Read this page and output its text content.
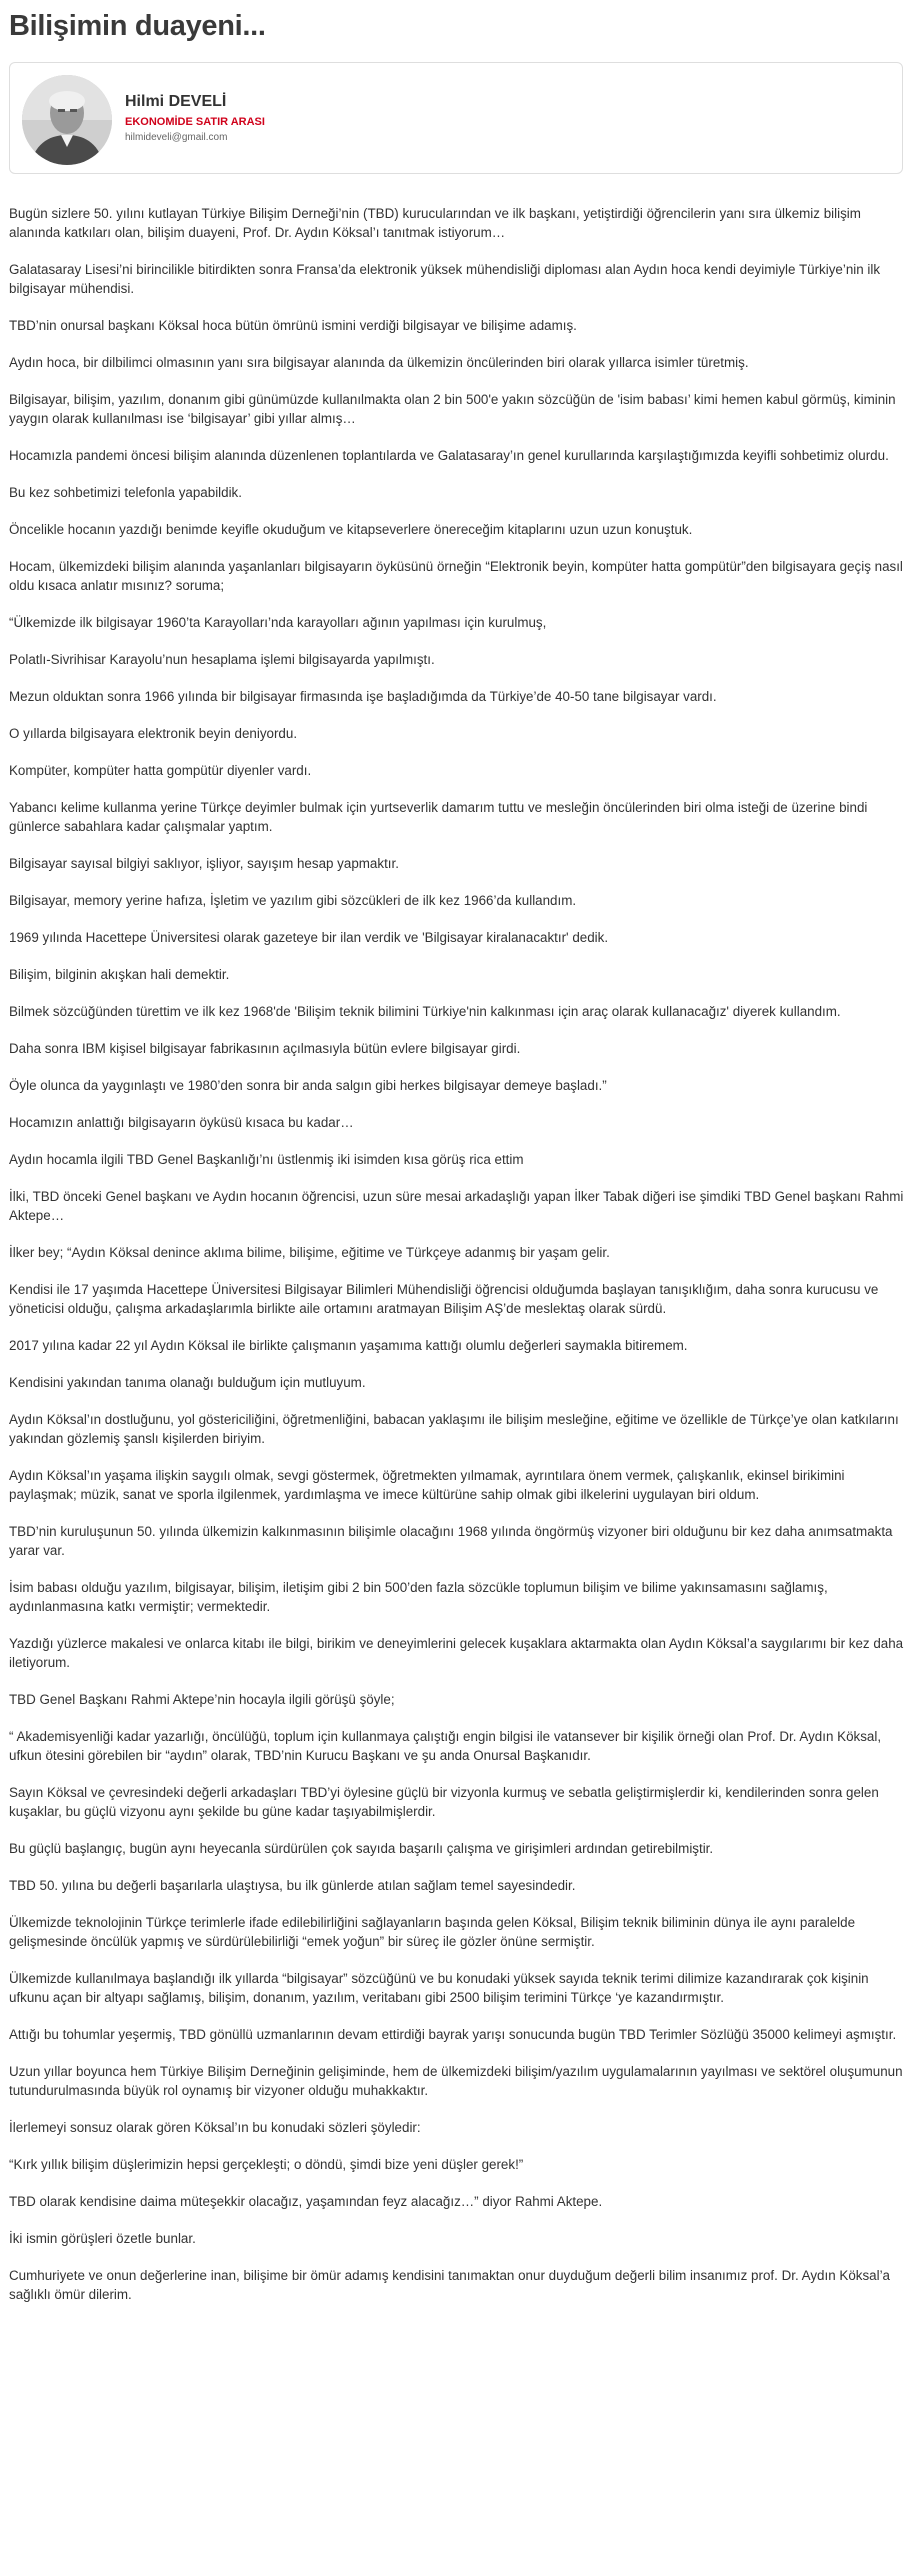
Bilişimin duayeni...
Hilmi DEVELİ
EKONOMİDE SATIR ARASI
hilmideveli@gmail.com

Bugün sizlere 50. yılını kutlayan Türkiye Bilişim Derneği’nin (TBD) kurucularından ve ilk başkanı, yetiştirdiği öğrencilerin yanı sıra ülkemiz bilişim alanında katkıları olan, bilişim duayeni, Prof. Dr. Aydın Köksal’ı tanıtmak istiyorum…

Galatasaray Lisesi’ni birincilikle bitirdikten sonra Fransa’da elektronik yüksek mühendisliği diploması alan Aydın hoca kendi deyimiyle Türkiye’nin ilk bilgisayar mühendisi.

TBD’nin onursal başkanı Köksal hoca bütün ömrünü ismini verdiği bilgisayar ve bilişime adamış.

Aydın hoca, bir dilbilimci olmasının yanı sıra bilgisayar alanında da ülkemizin öncülerinden biri olarak yıllarca isimler türetmiş.

Bilgisayar, bilişim, yazılım, donanım gibi günümüzde kullanılmakta olan 2 bin 500'e yakın sözcüğün de 'isim babası’ kimi hemen kabul görmüş, kiminin yaygın olarak kullanılması ise ‘bilgisayar’ gibi yıllar almış…

Hocamızla pandemi öncesi bilişim alanında düzenlenen toplantılarda ve Galatasaray’ın genel kurullarında karşılaştığımızda keyifli sohbetimiz olurdu.

Bu kez sohbetimizi telefonla yapabildik.

Öncelikle hocanın yazdığı benimde keyifle okuduğum ve kitapseverlere önereceğim kitaplarını uzun uzun konuştuk.

Hocam, ülkemizdeki bilişim alanında yaşanlanları bilgisayarın öyküsünü örneğin “Elektronik beyin, kompüter hatta gompütür”den bilgisayara geçiş nasıl oldu kısaca anlatır mısınız? soruma;

“Ülkemizde ilk bilgisayar 1960’ta Karayolları’nda karayolları ağının yapılması için kurulmuş,

Polatlı-Sivrihisar Karayolu’nun hesaplama işlemi bilgisayarda yapılmıştı.

Mezun olduktan sonra 1966 yılında bir bilgisayar firmasında işe başladığımda da Türkiye’de 40-50 tane bilgisayar vardı.

O yıllarda bilgisayara elektronik beyin deniyordu.

Kompüter, kompüter hatta gompütür diyenler vardı.

Yabancı kelime kullanma yerine Türkçe deyimler bulmak için yurtseverlik damarım tuttu ve mesleğin öncülerinden biri olma isteği de üzerine bindi günlerce sabahlara kadar çalışmalar yaptım.

Bilgisayar sayısal bilgiyi saklıyor, işliyor, sayışım hesap yapmaktır.

Bilgisayar, memory yerine hafıza, İşletim ve yazılım gibi sözcükleri de ilk kez 1966’da kullandım.

1969 yılında Hacettepe Üniversitesi olarak gazeteye bir ilan verdik ve 'Bilgisayar kiralanacaktır' dedik.

Bilişim, bilginin akışkan hali demektir.

Bilmek sözcüğünden türettim ve ilk kez 1968'de 'Bilişim teknik bilimini Türkiye'nin kalkınması için araç olarak kullanacağız' diyerek kullandım.

Daha sonra IBM kişisel bilgisayar fabrikasının açılmasıyla bütün evlere bilgisayar girdi.

Öyle olunca da yaygınlaştı ve 1980’den sonra bir anda salgın gibi herkes bilgisayar demeye başladı.”

Hocamızın anlattığı bilgisayarın öyküsü kısaca bu kadar…

Aydın hocamla ilgili TBD Genel Başkanlığı’nı üstlenmiş iki isimden kısa görüş rica ettim

İlki, TBD önceki Genel başkanı ve Aydın hocanın öğrencisi, uzun süre mesai arkadaşlığı yapan İlker Tabak diğeri ise şimdiki TBD Genel başkanı Rahmi Aktepe…

İlker bey; “Aydın Köksal denince aklıma bilime, bilişime, eğitime ve Türkçeye adanmış bir yaşam gelir.

Kendisi ile 17 yaşımda Hacettepe Üniversitesi Bilgisayar Bilimleri Mühendisliği öğrencisi olduğumda başlayan tanışıklığım, daha sonra kurucusu ve yöneticisi olduğu, çalışma arkadaşlarımla birlikte aile ortamını aratmayan Bilişim AŞ’de meslektaş olarak sürdü.

2017 yılına kadar 22 yıl Aydın Köksal ile birlikte çalışmanın yaşamıma kattığı olumlu değerleri saymakla bitiremem.

Kendisini yakından tanıma olanağı bulduğum için mutluyum.

Aydın Köksal’ın dostluğunu, yol göstericiliğini, öğretmenliğini, babacan yaklaşımı ile bilişim mesleğine, eğitime ve özellikle de Türkçe’ye olan katkılarını yakından gözlemiş şanslı kişilerden biriyim.

Aydın Köksal’ın yaşama ilişkin saygılı olmak, sevgi göstermek, öğretmekten yılmamak, ayrıntılara önem vermek, çalışkanlık, ekinsel birikimini paylaşmak; müzik, sanat ve sporla ilgilenmek, yardımlaşma ve imece kültürüne sahip olmak gibi ilkelerini uygulayan biri oldum.

TBD’nin kuruluşunun 50. yılında ülkemizin kalkınmasının bilişimle olacağını 1968 yılında öngörmüş vizyoner biri olduğunu bir kez daha anımsatmakta yarar var.

İsim babası olduğu yazılım, bilgisayar, bilişim, iletişim gibi 2 bin 500’den fazla sözcükle toplumun bilişim ve bilime yakınsamasını sağlamış, aydınlanmasına katkı vermiştir; vermektedir.

Yazdığı yüzlerce makalesi ve onlarca kitabı ile bilgi, birikim ve deneyimlerini gelecek kuşaklara aktarmakta olan Aydın Köksal’a saygılarımı bir kez daha iletiyorum.

TBD Genel Başkanı Rahmi Aktepe’nin hocayla ilgili görüşü şöyle;

“ Akademisyenliği kadar yazarlığı, öncülüğü, toplum için kullanmaya çalıştığı engin bilgisi ile vatansever bir kişilik örneği olan Prof. Dr. Aydın Köksal, ufkun ötesini görebilen bir “aydın” olarak, TBD’nin Kurucu Başkanı ve şu anda Onursal Başkanıdır.

Sayın Köksal ve çevresindeki değerli arkadaşları TBD’yi öylesine güçlü bir vizyonla kurmuş ve sebatla geliştirmişlerdir ki, kendilerinden sonra gelen kuşaklar, bu güçlü vizyonu aynı şekilde bu güne kadar taşıyabilmişlerdir.

Bu güçlü başlangıç, bugün aynı heyecanla sürdürülen çok sayıda başarılı çalışma ve girişimleri ardından getirebilmiştir.

TBD 50. yılına bu değerli başarılarla ulaştıysa, bu ilk günlerde atılan sağlam temel sayesindedir.

Ülkemizde teknolojinin Türkçe terimlerle ifade edilebilirliğini sağlayanların başında gelen Köksal, Bilişim teknik biliminin dünya ile aynı paralelde gelişmesinde öncülük yapmış ve sürdürülebilirliği “emek yoğun” bir süreç ile gözler önüne sermiştir.

Ülkemizde kullanılmaya başlandığı ilk yıllarda “bilgisayar” sözcüğünü ve bu konudaki yüksek sayıda teknik terimi dilimize kazandırarak çok kişinin ufkunu açan bir altyapı sağlamış, bilişim, donanım, yazılım, veritabanı gibi 2500 bilişim terimini Türkçe ‘ye kazandırmıştır.

Attığı bu tohumlar yeşermiş, TBD gönüllü uzmanlarının devam ettirdiği bayrak yarışı sonucunda bugün TBD Terimler Sözlüğü 35000 kelimeyi aşmıştır.

Uzun yıllar boyunca hem Türkiye Bilişim Derneğinin gelişiminde, hem de ülkemizdeki bilişim/yazılım uygulamalarının yayılması ve sektörel oluşumunun tutundurulmasında büyük rol oynamış bir vizyoner olduğu muhakkaktır.

İlerlemeyi sonsuz olarak gören Köksal’ın bu konudaki sözleri şöyledir:

“Kırk yıllık bilişim düşlerimizin hepsi gerçekleşti; o döndü, şimdi bize yeni düşler gerek!”

TBD olarak kendisine daima müteşekkir olacağız, yaşamından feyz alacağız…” diyor Rahmi Aktepe.

İki ismin görüşleri özetle bunlar.

Cumhuriyete ve onun değerlerine inan, bilişime bir ömür adamış kendisini tanımaktan onur duyduğum değerli bilim insanımız prof. Dr. Aydın Köksal’a sağlıklı ömür dilerim.
